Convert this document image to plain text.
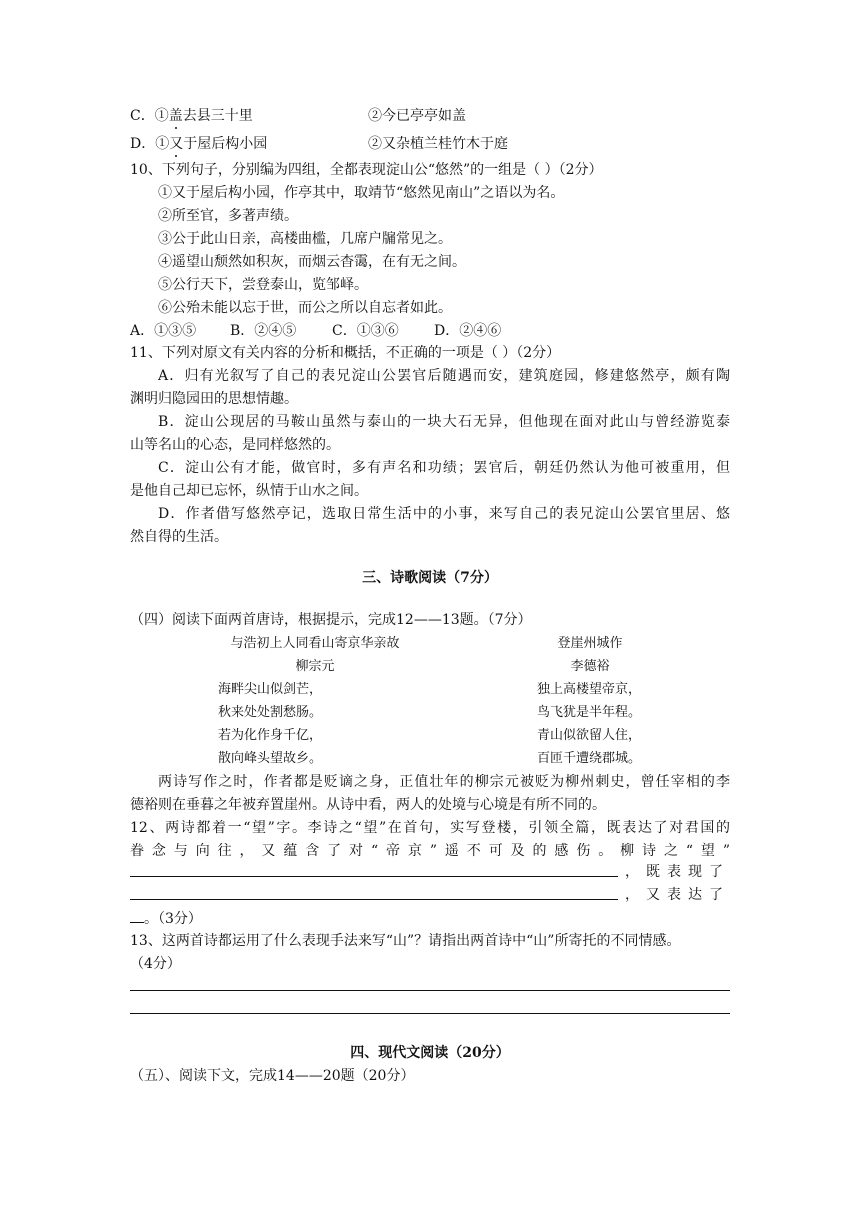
C．①盖去县三十里	②今已亭亭如盖
D．①又于屋后构小园	②又杂植兰桂竹木于庭
10、下列句子，分别编为四组，全都表现淀山公“悠然”的一组是（ ）（2分）
①又于屋后构小园，作亭其中，取靖节“悠然见南山”之语以为名。
②所至官，多著声绩。
③公于此山日亲，高楼曲槛，几席户牖常见之。
④遥望山颓然如积灰，而烟云杳霭，在有无之间。
⑤公行天下，尝登泰山，览邹峄。
⑥公殆未能以忘于世，而公之所以自忘者如此。
A．①③⑤ B．②④⑤	C．①③⑥	D．②④⑥
11、下列对原文有关内容的分析和概括，不正确的一项是（ ）（2分）
A．归有光叙写了自己的表兄淀山公罢官后随遇而安，建筑庭园，修建悠然亭，颇有陶
渊明归隐园田的思想情趣。
B．淀山公现居的马鞍山虽然与泰山的一块大石无异，但他现在面对此山与曾经游览泰
山等名山的心态，是同样悠然的。
C．淀山公有才能，做官时，多有声名和功绩；罢官后，朝廷仍然认为他可被重用，但
是他自己却已忘怀，纵情于山水之间。
D．作者借写悠然亭记，选取日常生活中的小事，来写自己的表兄淀山公罢官里居、悠
然自得的生活。
三、诗歌阅读（7分）
（四）阅读下面两首唐诗，根据提示，完成12——13题。（7分）
与浩初上人同看山寄京华亲故
柳宗元
海畔尖山似剑芒，
秋来处处割愁肠。
若为化作身千亿，
散向峰头望故乡。
登崖州城作
李德裕
独上高楼望帝京，
鸟飞犹是半年程。
青山似欲留人住，
百匝千遭绕郡城。
两诗写作之时，作者都是贬谪之身，正值壮年的柳宗元被贬为柳州刺史，曾任宰相的李
德裕则在垂暮之年被弃置崖州。从诗中看，两人的处境与心境是有所不同的。
12、两诗都着一“望”字。李诗之“望”在首句，实写登楼，引领全篇，既表达了对君国的
眷念与向往，又蕴含了对“帝京”遥不可及的感伤。柳诗之“望”
，既表现了
，又表达了
。（3分）
13、这两首诗都运用了什么表现手法来写“山”？请指出两首诗中“山”所寄托的不同情感。
（4分）
四、现代文阅读（20分）
（五）、阅读下文，完成14——20题（20分）
